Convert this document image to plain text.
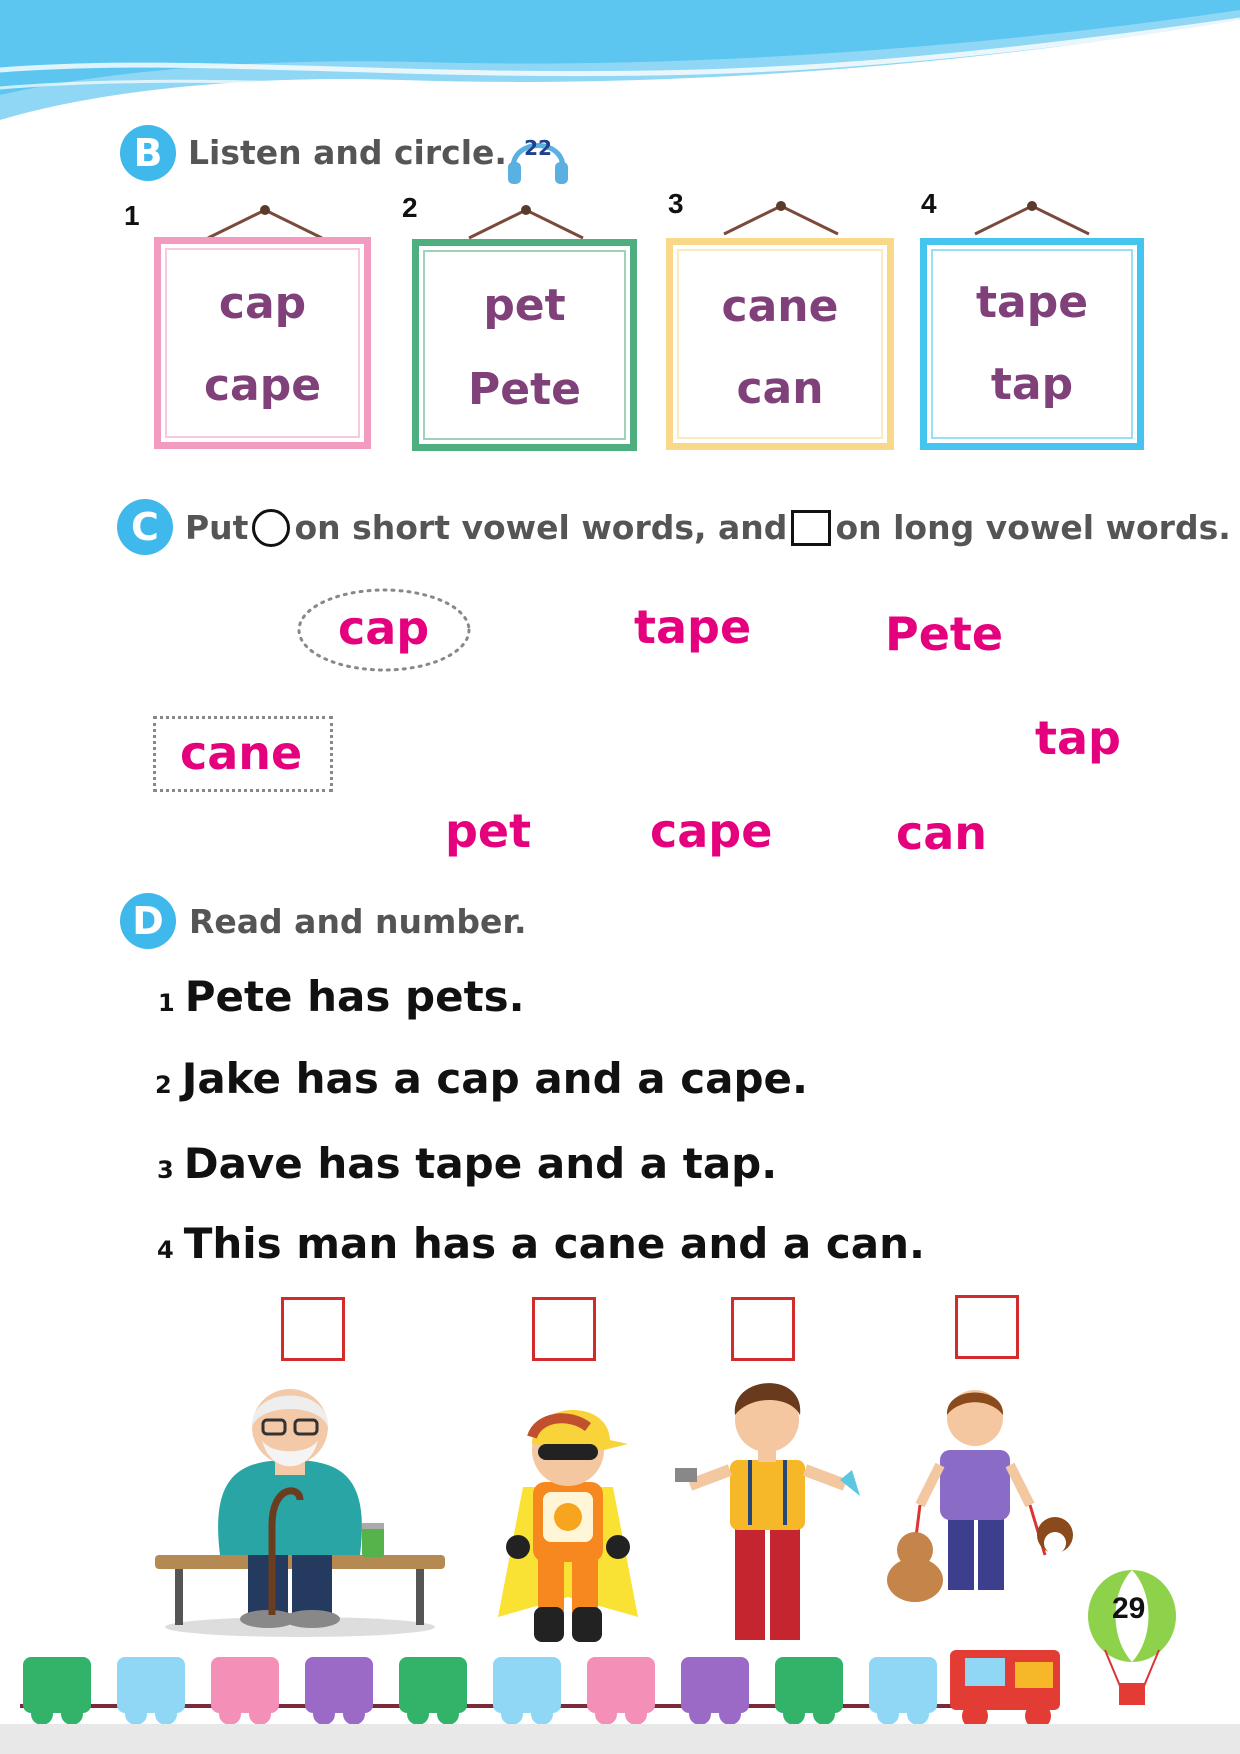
B Listen and circle. 22
1
cap
cape
2
pet
Pete
3
cane
can
4
tape
tap
C Put on short vowel words, and on long vowel words.
cap	tape	Pete
cane	tap
pet	cape	can
D Read and number.
1 Pete has pets.
2 Jake has a cap and a cape.
3 Dave has tape and a tap.
4 This man has a cane and a can.
29
